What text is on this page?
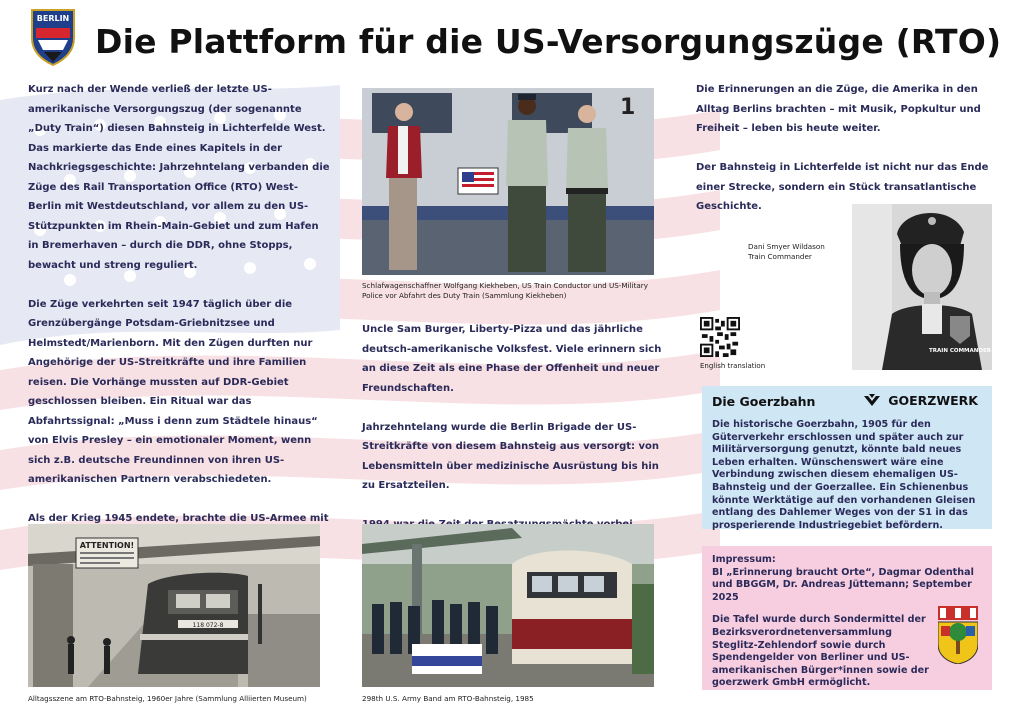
BERLIN
Die Plattform für die US-Versorgungszüge (RTO)

Kurz nach der Wende verließ der letzte US-amerikanische Versorgungszug (der sogenannte „Duty Train“) diesen Bahnsteig in Lichterfelde West. Das markierte das Ende eines Kapitels in der Nachkriegsgeschichte: Jahrzehntelang verbanden die Züge des Rail Transportation Office (RTO) West-Berlin mit Westdeutschland, vor allem zu den US-Stützpunkten im Rhein-Main-Gebiet und zum Hafen in Bremerhaven – durch die DDR, ohne Stopps, bewacht und streng reguliert.

Die Züge verkehrten seit 1947 täglich über die Grenzübergänge Potsdam-Griebnitzsee und Helmstedt/Marienborn. Mit den Zügen durften nur Angehörige der US-Streitkräfte und ihre Familien reisen. Die Vorhänge mussten auf DDR-Gebiet geschlossen bleiben. Ein Ritual war das Abfahrtssignal: „Muss i denn zum Städtele hinaus“ von Elvis Presley – ein emotionaler Moment, wenn sich z.B. deutsche Freundinnen von ihren US-amerikanischen Partnern verabschiedeten.

Als der Krieg 1945 endete, brachte die US-Armee mit

ATTENTION!
118 072-8
Alltagsszene am RTO-Bahnsteig, 1960er Jahre (Sammlung Alliierten Museum)
1
Schlafwagenschaffner Wolfgang Kiekheben, US Train Conductor und US-Military Police vor Abfahrt des Duty Train (Sammlung Kiekheben)

Uncle Sam Burger, Liberty-Pizza und das jährliche deutsch-amerikanische Volksfest. Viele erinnern sich an diese Zeit als eine Phase der Offenheit und neuer Freundschaften.

Jahrzehntelang wurde die Berlin Brigade der US-Streitkräfte von diesem Bahnsteig aus versorgt: von Lebensmitteln über medizinische Ausrüstung bis hin zu Ersatzteilen.

298th U.S. Army Band am RTO-Bahnsteig, 1985

Die Erinnerungen an die Züge, die Amerika in den Alltag Berlins brachten – mit Musik, Popkultur und Freiheit – leben bis heute weiter.

Der Bahnsteig in Lichterfelde ist nicht nur das Ende einer Strecke, sondern ein Stück transatlantische Geschichte.

Dani Smyer Wildason
Train Commander
TRAIN COMMANDER
English translation
Die Goerzbahn	GOERZWERK
Die historische Goerzbahn, 1905 für den Güterverkehr erschlossen und später auch zur Militärversorgung genutzt, könnte bald neues Leben erhalten. Wünschenswert wäre eine Verbindung zwischen diesem ehemaligen US-Bahnsteig und der Goerzallee. Ein Schienenbus könnte Werktätige auf den vorhandenen Gleisen entlang des Dahlemer Weges von der S1 in das prosperierende Industriegebiet befördern.
Impressum:

BI „Erinnerung braucht Orte“, Dagmar Odenthal und BBGGM, Dr. Andreas Jüttemann; September 2025

Die Tafel wurde durch Sondermittel der Bezirksverordnetenversammlung Steglitz-Zehlendorf sowie durch Spendengelder von Berliner und US-amerikanischen Bürger*innen sowie der goerzwerk GmbH ermöglicht.
